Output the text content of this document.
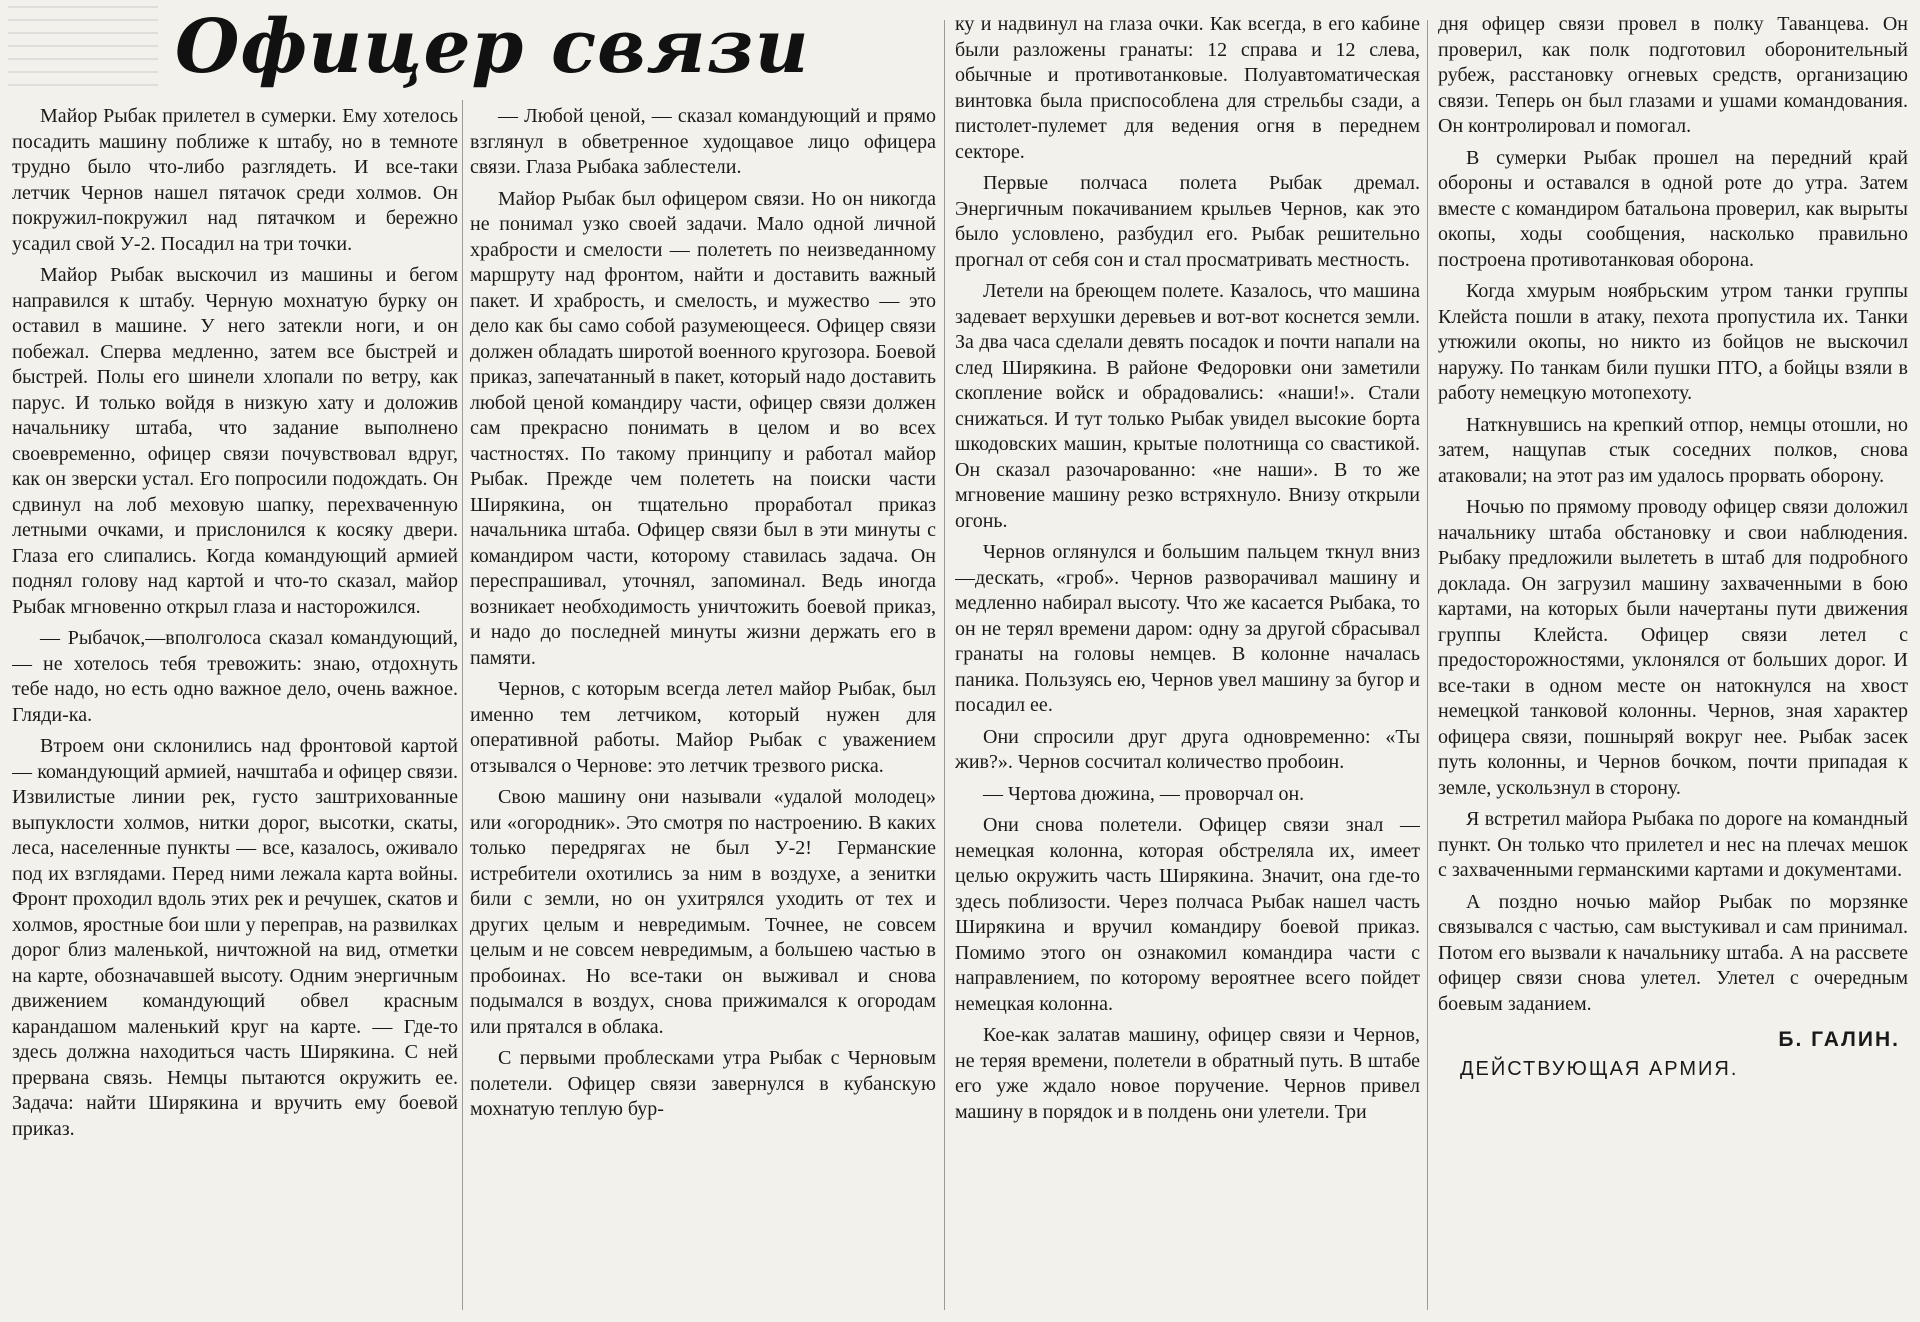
Офицер связи

Майор Рыбак прилетел в сумерки. Ему хотелось посадить машину поближе к штабу, но в темноте трудно было что-либо разглядеть. И все-таки летчик Чернов нашел пятачок среди холмов. Он покружил-покружил над пятачком и бережно усадил свой У-2. Посадил на три точки.

Майор Рыбак выскочил из машины и бегом направился к штабу. Черную мохнатую бурку он оставил в машине. У него затекли ноги, и он побежал. Сперва медленно, затем все быстрей и быстрей. Полы его шинели хлопали по ветру, как парус. И только войдя в низкую хату и доложив начальнику штаба, что задание выполнено своевременно, офицер связи почувствовал вдруг, как он зверски устал. Его попросили подождать. Он сдвинул на лоб меховую шапку, перехваченную летными очками, и прислонился к косяку двери. Глаза его слипались. Когда командующий армией поднял голову над картой и что-то сказал, майор Рыбак мгновенно открыл глаза и насторожился.

— Рыбачок,—вполголоса сказал командующий, — не хотелось тебя тревожить: знаю, отдохнуть тебе надо, но есть одно важное дело, очень важное. Гляди-ка.

Втроем они склонились над фронтовой картой — командующий армией, начштаба и офицер связи. Извилистые линии рек, густо заштрихованные выпуклости холмов, нитки дорог, высотки, скаты, леса, населенные пункты — все, казалось, оживало под их взглядами. Перед ними лежала карта войны. Фронт проходил вдоль этих рек и речушек, скатов и холмов, яростные бои шли у переправ, на развилках дорог близ маленькой, ничтожной на вид, отметки на карте, обозначавшей высоту. Одним энергичным движением командующий обвел красным карандашом маленький круг на карте. — Где-то здесь должна находиться часть Ширякина. С ней прервана связь. Немцы пытаются окружить ее. Задача: найти Ширякина и вручить ему боевой приказ.

— Любой ценой, — сказал командующий и прямо взглянул в обветренное худощавое лицо офицера связи. Глаза Рыбака заблестели.

Майор Рыбак был офицером связи. Но он никогда не понимал узко своей задачи. Мало одной личной храбрости и смелости — полететь по неизведанному маршруту над фронтом, найти и доставить важный пакет. И храбрость, и смелость, и мужество — это дело как бы само собой разумеющееся. Офицер связи должен обладать широтой военного кругозора. Боевой приказ, запечатанный в пакет, который надо доставить любой ценой командиру части, офицер связи должен сам прекрасно понимать в целом и во всех частностях. По такому принципу и работал майор Рыбак. Прежде чем полететь на поиски части Ширякина, он тщательно проработал приказ начальника штаба. Офицер связи был в эти минуты с командиром части, которому ставилась задача. Он переспрашивал, уточнял, запоминал. Ведь иногда возникает необходимость уничтожить боевой приказ, и надо до последней минуты жизни держать его в памяти.

Чернов, с которым всегда летел майор Рыбак, был именно тем летчиком, который нужен для оперативной работы. Майор Рыбак с уважением отзывался о Чернове: это летчик трезвого риска.

Свою машину они называли «удалой молодец» или «огородник». Это смотря по настроению. В каких только передрягах не был У-2! Германские истребители охотились за ним в воздухе, а зенитки били с земли, но он ухитрялся уходить от тех и других целым и невредимым. Точнее, не совсем целым и не совсем невредимым, а большею частью в пробоинах. Но все-таки он выживал и снова подымался в воздух, снова прижимался к огородам или прятался в облака.

С первыми проблесками утра Рыбак с Черновым полетели. Офицер связи завернулся в кубанскую мохнатую теплую бур-

ку и надвинул на глаза очки. Как всегда, в его кабине были разложены гранаты: 12 справа и 12 слева, обычные и противотанковые. Полуавтоматическая винтовка была приспособлена для стрельбы сзади, а пистолет-пулемет для ведения огня в переднем секторе.

Первые полчаса полета Рыбак дремал. Энергичным покачиванием крыльев Чернов, как это было условлено, разбудил его. Рыбак решительно прогнал от себя сон и стал просматривать местность.

Летели на бреющем полете. Казалось, что машина задевает верхушки деревьев и вот-вот коснется земли. За два часа сделали девять посадок и почти напали на след Ширякина. В районе Федоровки они заметили скопление войск и обрадовались: «наши!». Стали снижаться. И тут только Рыбак увидел высокие борта шкодовских машин, крытые полотнища со свастикой. Он сказал разочарованно: «не наши». В то же мгновение машину резко встряхнуло. Внизу открыли огонь.

Чернов оглянулся и большим пальцем ткнул вниз—дескать, «гроб». Чернов разворачивал машину и медленно набирал высоту. Что же касается Рыбака, то он не терял времени даром: одну за другой сбрасывал гранаты на головы немцев. В колонне началась паника. Пользуясь ею, Чернов увел машину за бугор и посадил ее.

Они спросили друг друга одновременно: «Ты жив?». Чернов сосчитал количество пробоин.

— Чертова дюжина, — проворчал он.

Они снова полетели. Офицер связи знал — немецкая колонна, которая обстреляла их, имеет целью окружить часть Ширякина. Значит, она где-то здесь поблизости. Через полчаса Рыбак нашел часть Ширякина и вручил командиру боевой приказ. Помимо этого он ознакомил командира части с направлением, по которому вероятнее всего пойдет немецкая колонна.

Кое-как залатав машину, офицер связи и Чернов, не теряя времени, полетели в обратный путь. В штабе его уже ждало новое поручение. Чернов привел машину в порядок и в полдень они улетели. Три

дня офицер связи провел в полку Таванцева. Он проверил, как полк подготовил оборонительный рубеж, расстановку огневых средств, организацию связи. Теперь он был глазами и ушами командования. Он контролировал и помогал.

В сумерки Рыбак прошел на передний край обороны и оставался в одной роте до утра. Затем вместе с командиром батальона проверил, как вырыты окопы, ходы сообщения, насколько правильно построена противотанковая оборона.

Когда хмурым ноябрьским утром танки группы Клейста пошли в атаку, пехота пропустила их. Танки утюжили окопы, но никто из бойцов не выскочил наружу. По танкам били пушки ПТО, а бойцы взяли в работу немецкую мотопехоту.

Наткнувшись на крепкий отпор, немцы отошли, но затем, нащупав стык соседних полков, снова атаковали; на этот раз им удалось прорвать оборону.

Ночью по прямому проводу офицер связи доложил начальнику штаба обстановку и свои наблюдения. Рыбаку предложили вылететь в штаб для подробного доклада. Он загрузил машину захваченными в бою картами, на которых были начертаны пути движения группы Клейста. Офицер связи летел с предосторожностями, уклонялся от больших дорог. И все-таки в одном месте он натокнулся на хвост немецкой танковой колонны. Чернов, зная характер офицера связи, пошныряй вокруг нее. Рыбак засек путь колонны, и Чернов бочком, почти припадая к земле, ускользнул в сторону.

Я встретил майора Рыбака по дороге на командный пункт. Он только что прилетел и нес на плечах мешок с захваченными германскими картами и документами.

А поздно ночью майор Рыбак по морзянке связывался с частью, сам выстукивал и сам принимал. Потом его вызвали к начальнику штаба. А на рассвете офицер связи снова улетел. Улетел с очередным боевым заданием.

Б. ГАЛИН.
ДЕЙСТВУЮЩАЯ АРМИЯ.
